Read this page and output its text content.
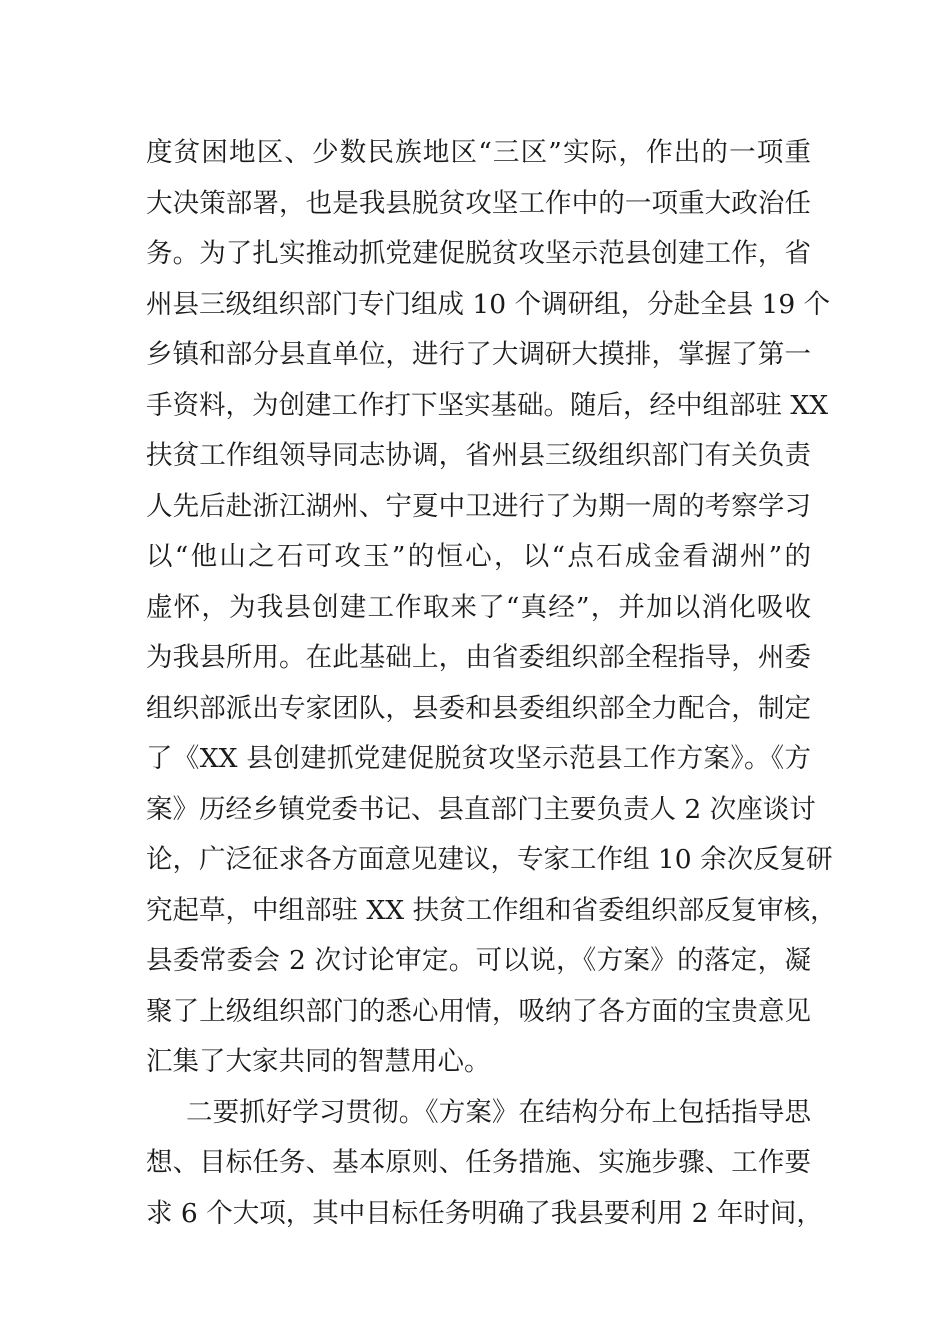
度贫困地区、少数民族地区“三区”实际，作出的一项重
大决策部署，也是我县脱贫攻坚工作中的一项重大政治任
务。为了扎实推动抓党建促脱贫攻坚示范县创建工作，省
州县三级组织部门专门组成 10 个调研组，分赴全县 19 个
乡镇和部分县直单位，进行了大调研大摸排，掌握了第一
手资料，为创建工作打下坚实基础。随后，经中组部驻 XX
扶贫工作组领导同志协调，省州县三级组织部门有关负责
人先后赴浙江湖州、宁夏中卫进行了为期一周的考察学习
以“他山之石可攻玉”的恒心，以“点石成金看湖州”的
虚怀，为我县创建工作取来了“真经”，并加以消化吸收
为我县所用。在此基础上，由省委组织部全程指导，州委
组织部派出专家团队，县委和县委组织部全力配合，制定
了《XX 县创建抓党建促脱贫攻坚示范县工作方案》。《方
案》历经乡镇党委书记、县直部门主要负责人 2 次座谈讨
论，广泛征求各方面意见建议，专家工作组 10 余次反复研
究起草，中组部驻 XX 扶贫工作组和省委组织部反复审核，
县委常委会 2 次讨论审定。可以说，《方案》的落定，凝
聚了上级组织部门的悉心用情，吸纳了各方面的宝贵意见
汇集了大家共同的智慧用心。
二要抓好学习贯彻。《方案》在结构分布上包括指导思
想、目标任务、基本原则、任务措施、实施步骤、工作要
求 6 个大项，其中目标任务明确了我县要利用 2 年时间，
